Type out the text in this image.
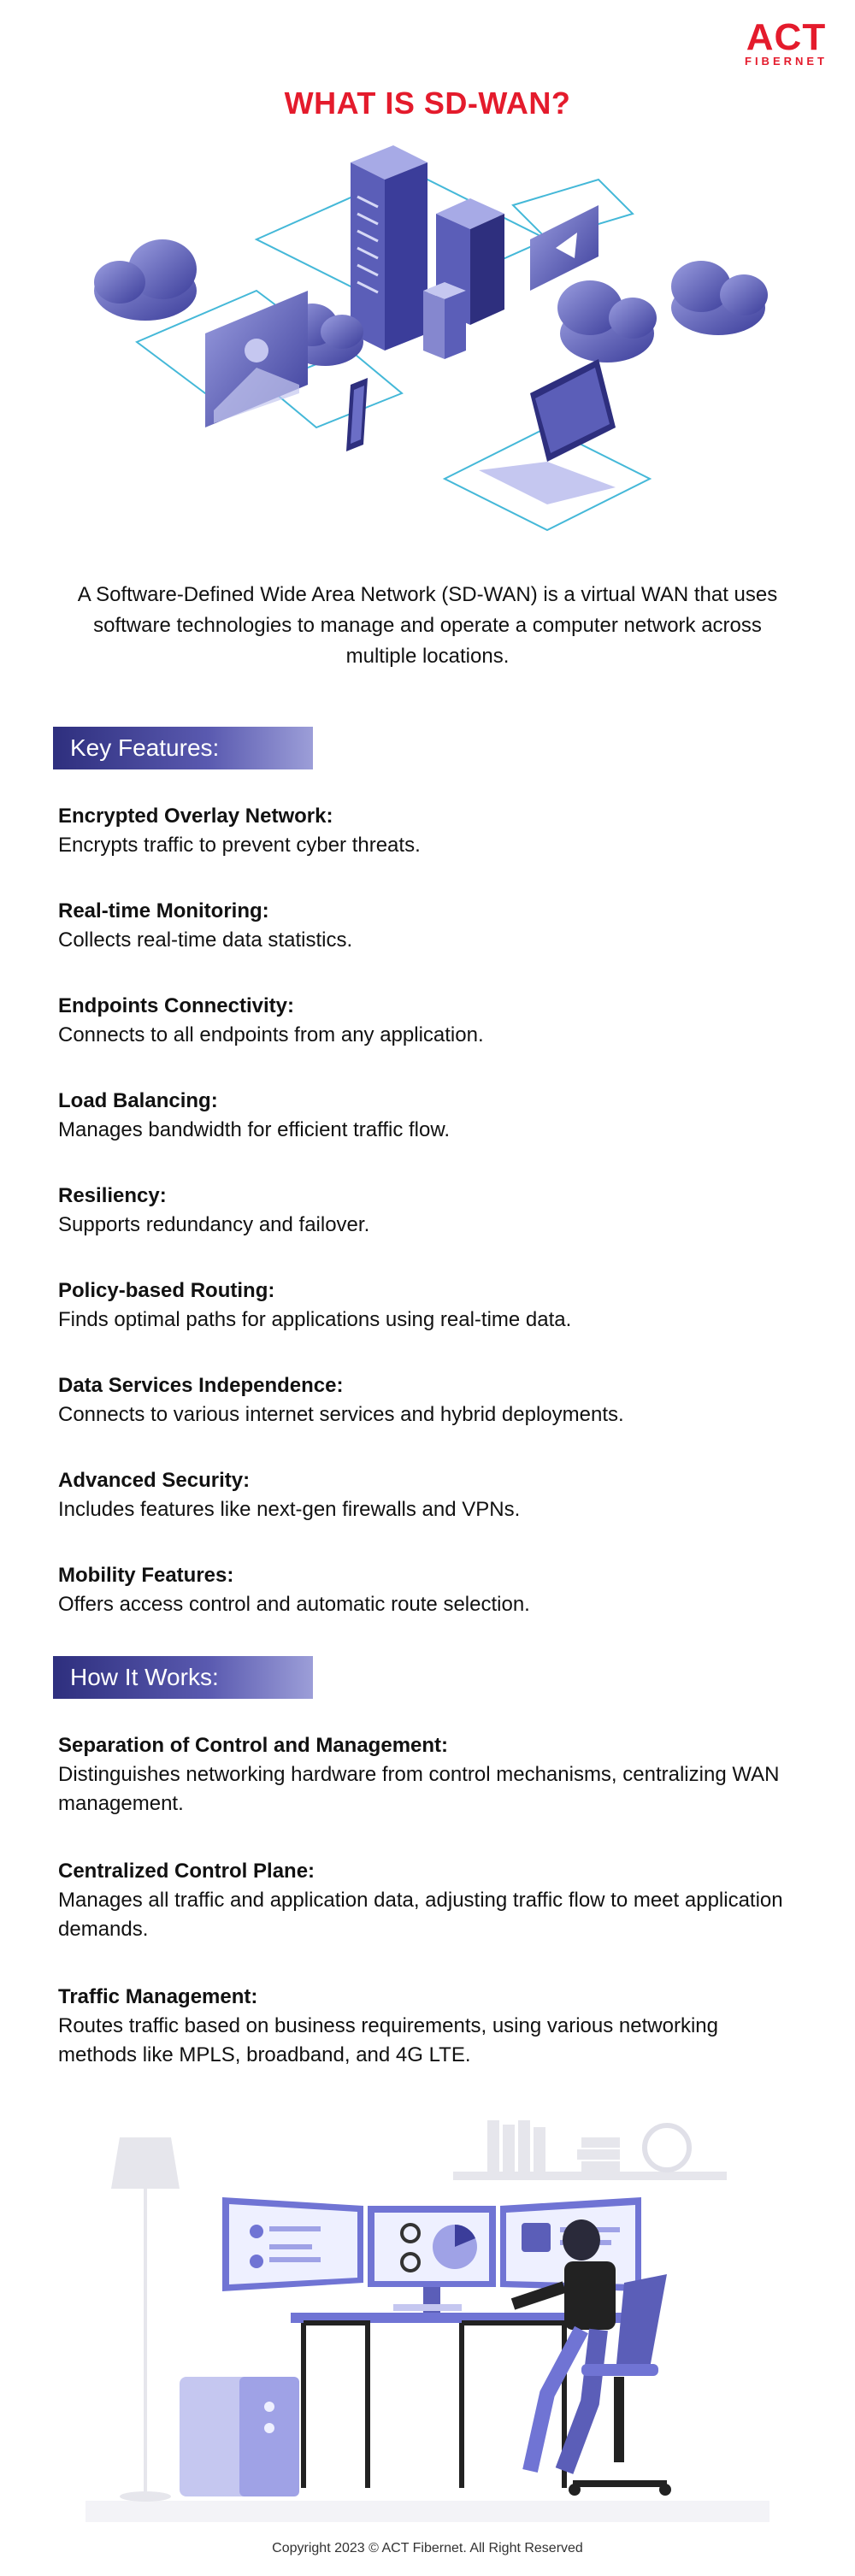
ACT
FIBERNET
WHAT IS SD-WAN?
A Software-Defined Wide Area Network (SD-WAN) is a virtual WAN that uses software technologies to manage and operate a computer network across multiple locations.
Key Features:
Encrypted Overlay Network:
Encrypts traffic to prevent cyber threats.
Real-time Monitoring:
Collects real-time data statistics.
Endpoints Connectivity:
Connects to all endpoints from any application.
Load Balancing:
Manages bandwidth for efficient traffic flow.
Resiliency:
Supports redundancy and failover.
Policy-based Routing:
Finds optimal paths for applications using real-time data.
Data Services Independence:
Connects to various internet services and hybrid deployments.
Advanced Security:
Includes features like next-gen firewalls and VPNs.
Mobility Features:
Offers access control and automatic route selection.
How It Works:
Separation of Control and Management:
Distinguishes networking hardware from control mechanisms, centralizing WAN management.
Centralized Control Plane:
Manages all traffic and application data, adjusting traffic flow to meet application demands.
Traffic Management:
Routes traffic based on business requirements, using various networking methods like MPLS, broadband, and 4G LTE.
Copyright 2023 © ACT Fibernet. All Right Reserved
